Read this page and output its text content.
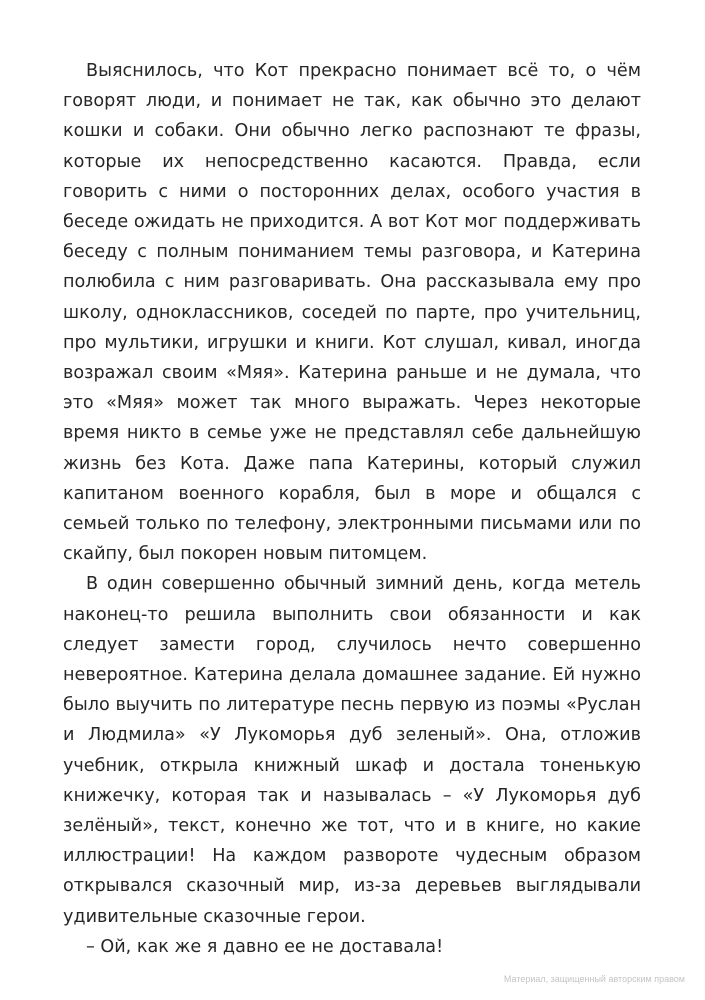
Выяснилось, что Кот прекрасно понимает всё то, о чём говорят люди, и понимает не так, как обычно это делают кошки и собаки. Они обычно легко распознают те фразы, которые их непосредственно касаются. Правда, если говорить с ними о посторонних делах, особого участия в беседе ожидать не приходится. А вот Кот мог поддерживать беседу с полным пониманием темы разговора, и Катерина полюбила с ним разговаривать. Она рассказывала ему про школу, одноклассников, соседей по парте, про учительниц, про мультики, игрушки и книги. Кот слушал, кивал, иногда возражал своим «Мяя». Катерина раньше и не думала, что это «Мяя» может так много выражать. Через некоторые время никто в семье уже не представлял себе дальнейшую жизнь без Кота. Даже папа Катерины, который служил капитаном военного корабля, был в море и общался с семьей только по телефону, электронными письмами или по скайпу, был покорен новым питомцем.

В один совершенно обычный зимний день, когда метель наконец-то решила выполнить свои обязанности и как следует замести город, случилось нечто совершенно невероятное. Катерина делала домашнее задание. Ей нужно было выучить по литературе песнь первую из поэмы «Руслан и Людмила» «У Лукоморья дуб зеленый». Она, отложив учебник, открыла книжный шкаф и достала тоненькую книжечку, которая так и называлась – «У Лукоморья дуб зелёный», текст, конечно же тот, что и в книге, но какие иллюстрации! На каждом развороте чудесным образом открывался сказочный мир, из-за деревьев выглядывали удивительные сказочные герои.

– Ой, как же я давно ее не доставала!

Материал, защищенный авторским правом
